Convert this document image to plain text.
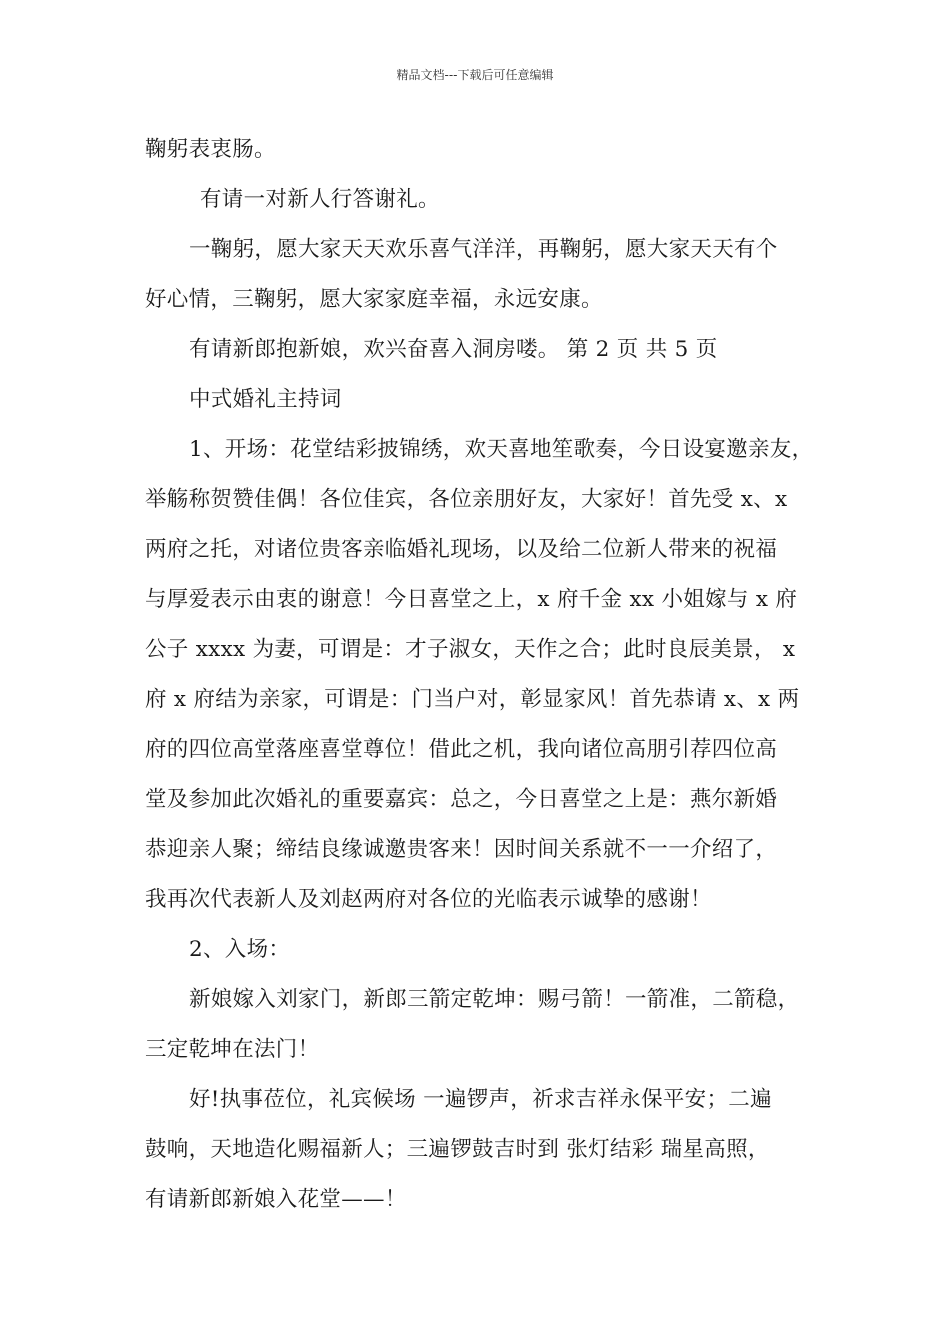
精品文档---下载后可任意编辑
鞠躬表衷肠。
有请一对新人行答谢礼。
一鞠躬，愿大家天天欢乐喜气洋洋，再鞠躬，愿大家天天有个
好心情，三鞠躬，愿大家家庭幸福，永远安康。
有请新郎抱新娘，欢兴奋喜入洞房喽。 第 2 页 共 5 页
中式婚礼主持词
1、开场：花堂结彩披锦绣，欢天喜地笙歌奏，今日设宴邀亲友，
举觞称贺赞佳偶！各位佳宾，各位亲朋好友，大家好！首先受 x、x
两府之托，对诸位贵客亲临婚礼现场，以及给二位新人带来的祝福
与厚爱表示由衷的谢意！今日喜堂之上，x 府千金 xx 小姐嫁与 x 府
公子 xxxx 为妻，可谓是：才子淑女，天作之合；此时良辰美景， x
府 x 府结为亲家，可谓是：门当户对，彰显家风！首先恭请 x、x 两
府的四位高堂落座喜堂尊位！借此之机，我向诸位高朋引荐四位高
堂及参加此次婚礼的重要嘉宾：总之，今日喜堂之上是：燕尔新婚
恭迎亲人聚；缔结良缘诚邀贵客来！因时间关系就不一一介绍了，
我再次代表新人及刘赵两府对各位的光临表示诚挚的感谢！
2、入场：
新娘嫁入刘家门，新郎三箭定乾坤：赐弓箭！一箭准，二箭稳，
三定乾坤在法门！
好!执事莅位，礼宾候场 一遍锣声，祈求吉祥永保平安；二遍
鼓响，天地造化赐福新人；三遍锣鼓吉时到 张灯结彩 瑞星高照，
有请新郎新娘入花堂——！
